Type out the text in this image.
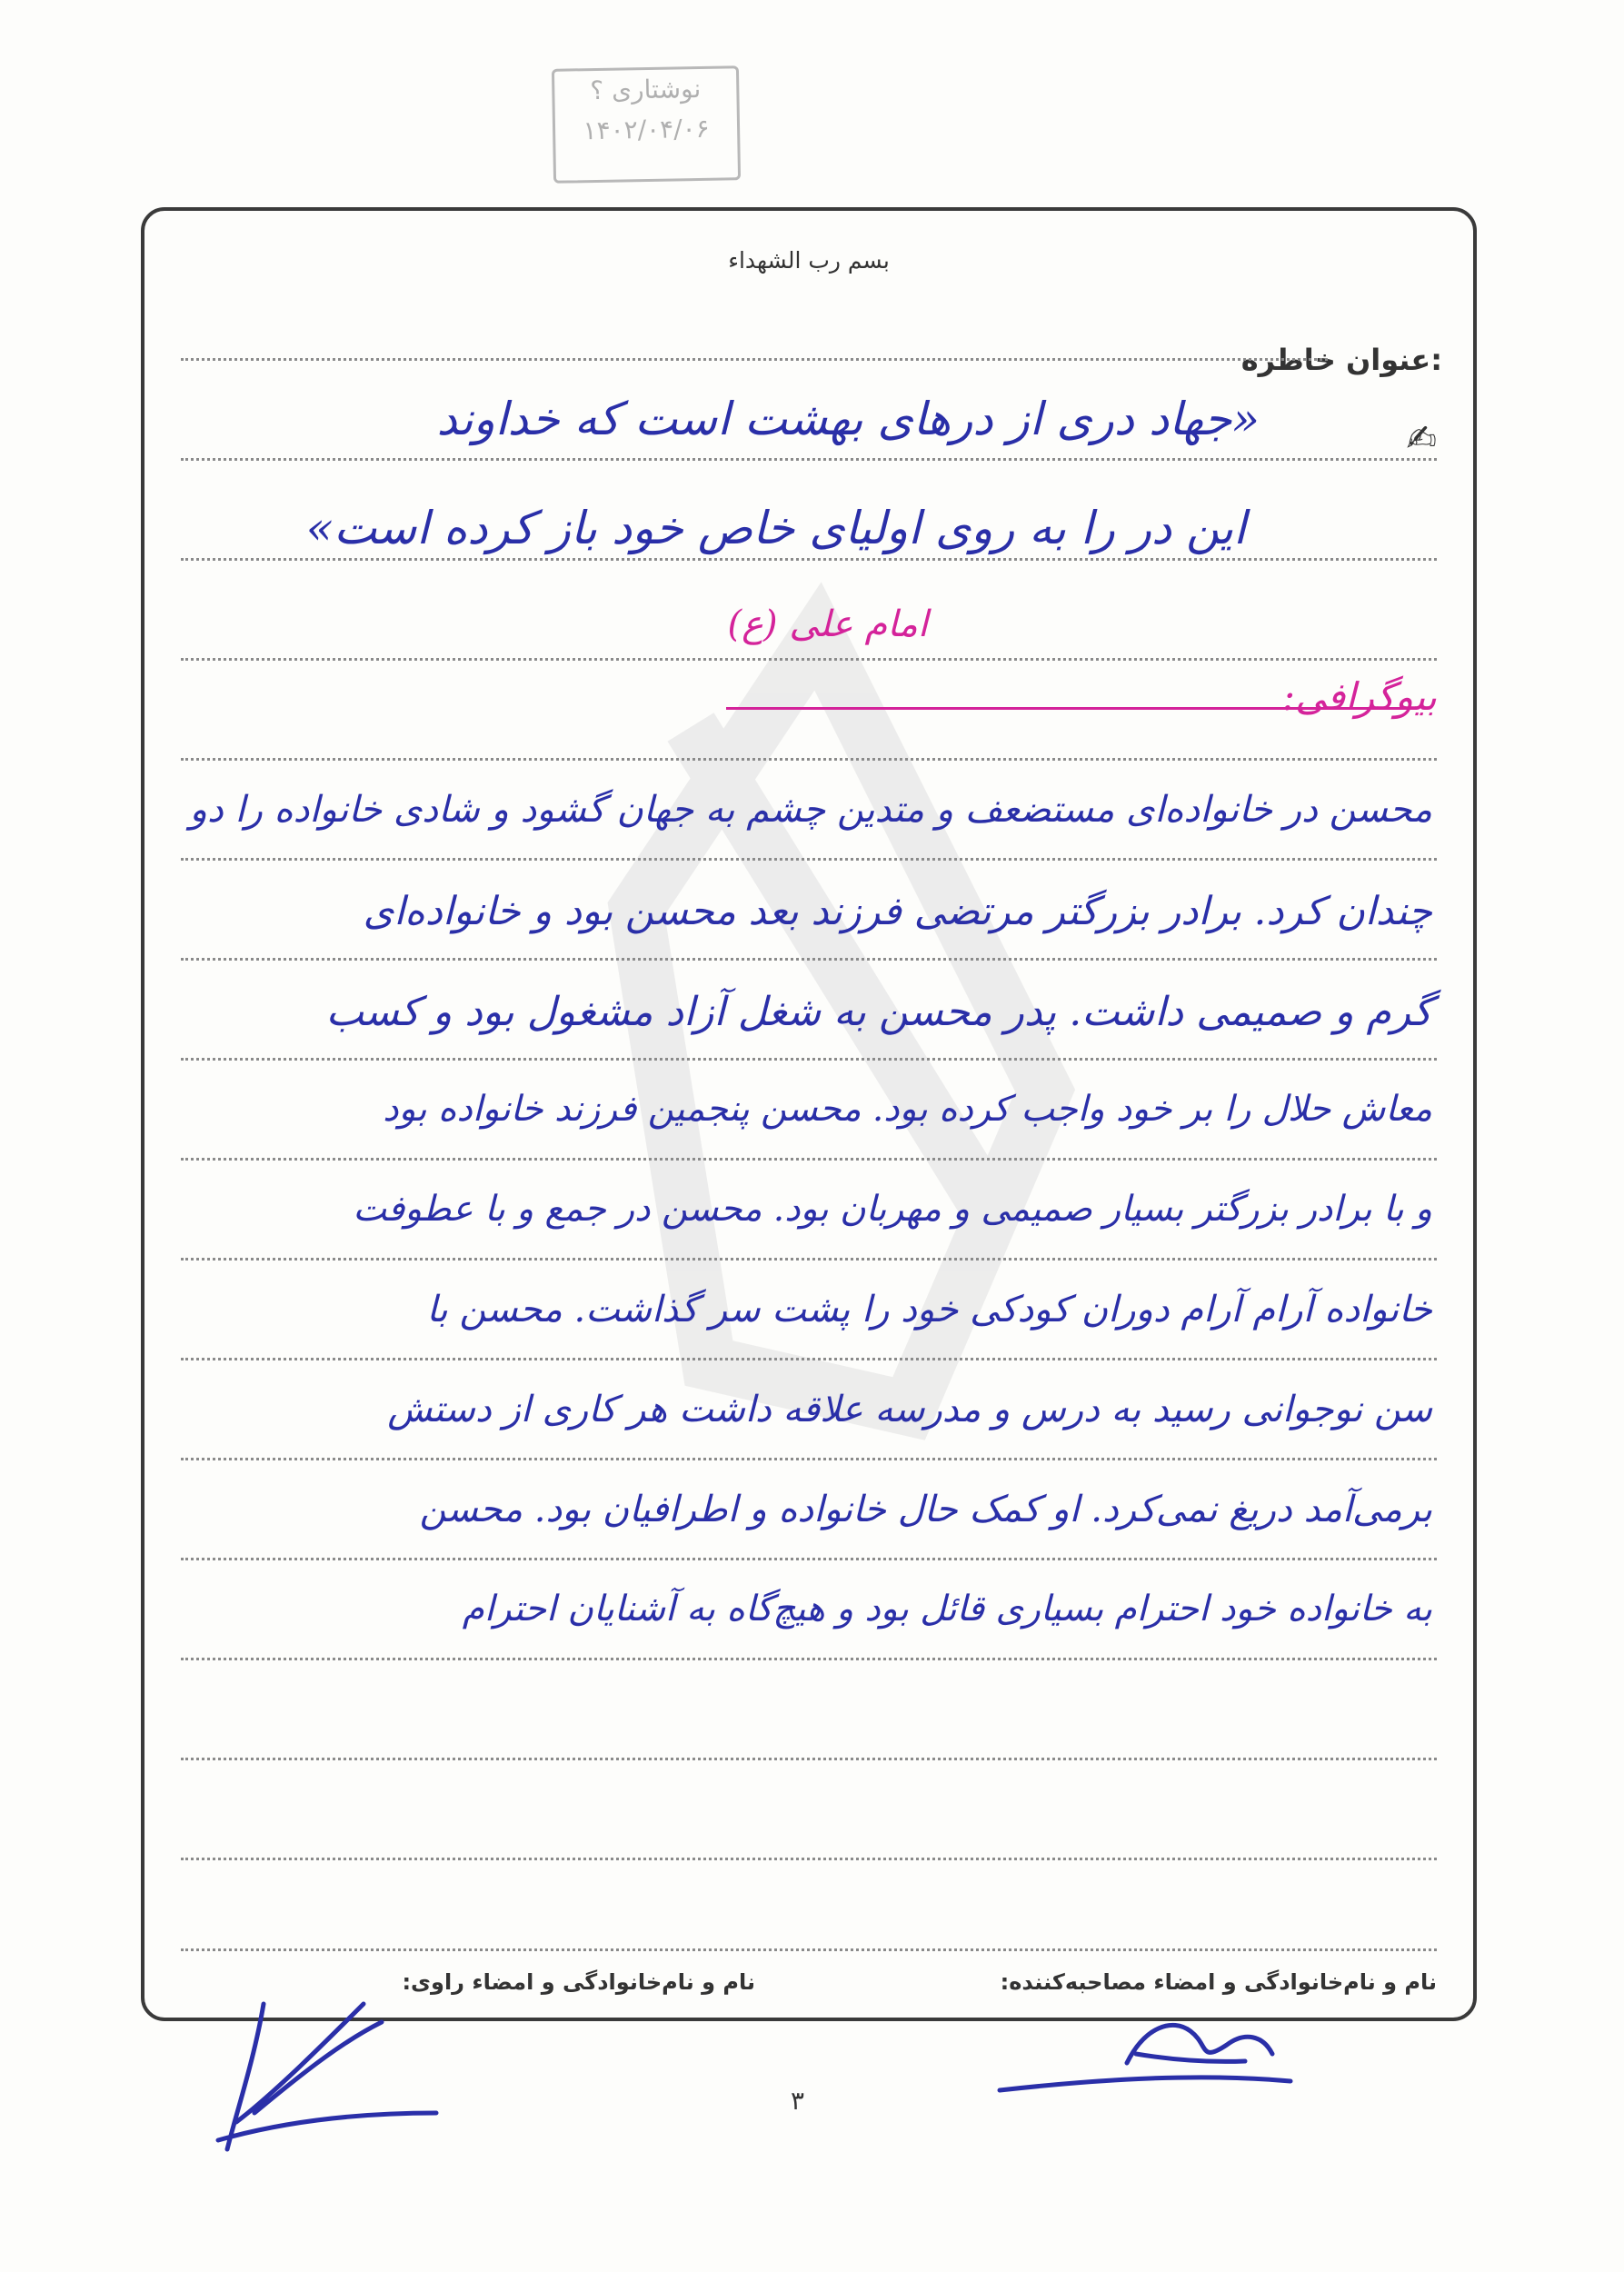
نوشتاری ؟
۱۴۰۲/۰۴/۰۶
بسم رب الشهداء
عنوان خاطره:
✍
«جهاد دری از درهای بهشت است که خداوند
این در را به روی اولیای خاص خود باز کرده است»
امام علی (ع)
بیوگرافی:
محسن در خانواده‌ای مستضعف و متدین چشم به جهان گشود و شادی خانواده را دو
چندان کرد. برادر بزرگتر مرتضی فرزند بعد محسن بود و خانواده‌ای
گرم و صمیمی داشت. پدر محسن به شغل آزاد مشغول بود و کسب
معاش حلال را بر خود واجب کرده بود. محسن پنجمین فرزند خانواده بود
و با برادر بزرگتر بسیار صمیمی و مهربان بود. محسن در جمع و با عطوفت
خانواده آرام آرام دوران کودکی خود را پشت سر گذاشت. محسن با
سن نوجوانی رسید به درس و مدرسه علاقه داشت هر کاری از دستش
برمی‌آمد دریغ نمی‌کرد. او کمک حال خانواده و اطرافیان بود. محسن
به خانواده خود احترام بسیاری قائل بود و هیچ‌گاه به آشنایان احترام
نام و نام‌خانوادگی و امضاء مصاحبه‌کننده:
نام و نام‌خانوادگی و امضاء راوی:
۳
